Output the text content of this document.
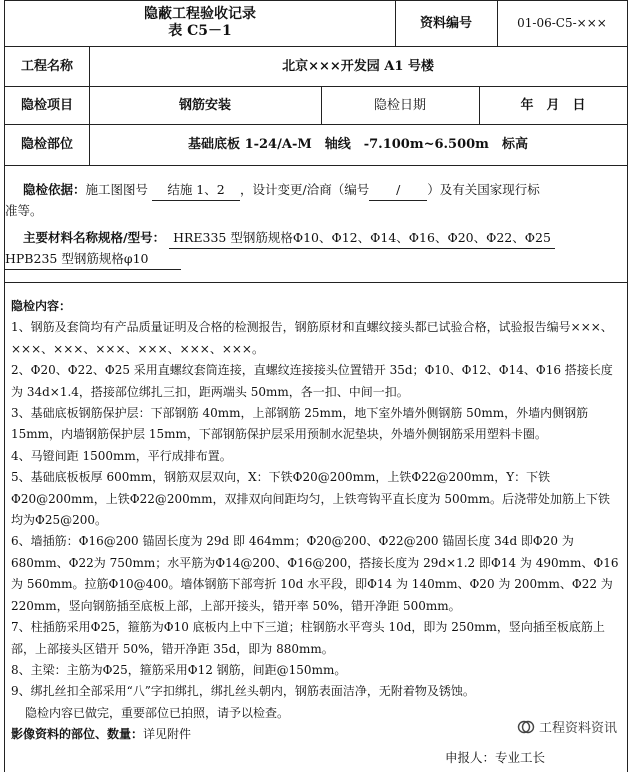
隐蔽工程验收记录
表 C5－1	资料编号	01-06-C5-×××
工程名称	北京×××开发园 A1 号楼
隐检项目	钢筋安装	隐检日期	年　月　日
隐检部位	基础底板 1-24/A-M　轴线　-7.100m~6.500m　标高
隐检依据：施工图图号 结施 1、2 ，设计变更/洽商（编号 / ）及有关国家现行标
准等。
主要材料名称规格/型号： HRE335 型钢筋规格Φ10、Φ12、Φ14、Φ16、Φ20、Φ22、Φ25
HPB235 型钢筋规格φ10

隐检内容：

1、钢筋及套筒均有产品质量证明及合格的检测报告，钢筋原材和直螺纹接头都已试验合格，试验报告编号×××、×××、×××、×××、×××、×××、×××。

2、Φ20、Φ22、Φ25 采用直螺纹套筒连接，直螺纹连接接头位置错开 35d；Φ10、Φ12、Φ14、Φ16 搭接长度为 34d×1.4，搭接部位绑扎三扣，距两端头 50mm，各一扣、中间一扣。

3、基础底板钢筋保护层：下部钢筋 40mm，上部钢筋 25mm，地下室外墙外侧钢筋 50mm，外墙内侧钢筋 15mm，内墙钢筋保护层 15mm，下部钢筋保护层采用预制水泥垫块，外墙外侧钢筋采用塑料卡圈。

4、马镫间距 1500mm，平行成排布置。

5、基础底板板厚 600mm，钢筋双层双向，X：下铁Φ20@200mm，上铁Φ22@200mm，Y：下铁Φ20@200mm，上铁Φ22@200mm，双排双向间距均匀，上铁弯钩平直长度为 500mm。后浇带处加筋上下铁均为Φ25@200。

6、墙插筋：Φ16@200 锚固长度为 29d 即 464mm；Φ20@200、Φ22@200 锚固长度 34d 即Φ20 为 680mm、Φ22为 750mm；水平筋为Φ14@200、Φ16@200，搭接长度为 29d×1.2 即Φ14 为 490mm、Φ16 为 560mm。拉筋Φ10@400。墙体钢筋下部弯折 10d 水平段，即Φ14 为 140mm、Φ20 为 200mm、Φ22 为 220mm，竖向钢筋插至底板上部，上部开接头，错开率 50%，错开净距 500mm。

7、柱插筋采用Φ25，箍筋为Φ10 底板内上中下三道；柱钢筋水平弯头 10d，即为 250mm，竖向插至板底筋上部，上部接头区错开 50%，错开净距 35d，即为 880mm。

8、主梁：主筋为Φ25，箍筋采用Φ12 钢筋，间距@150mm。

9、绑扎丝扣全部采用“八”字扣绑扎，绑扎丝头朝内，钢筋表面洁净，无附着物及锈蚀。

隐检内容已做完，重要部位已拍照，请予以检查。

影像资料的部位、数量：详见附件	工程资料资讯
申报人：专业工长
